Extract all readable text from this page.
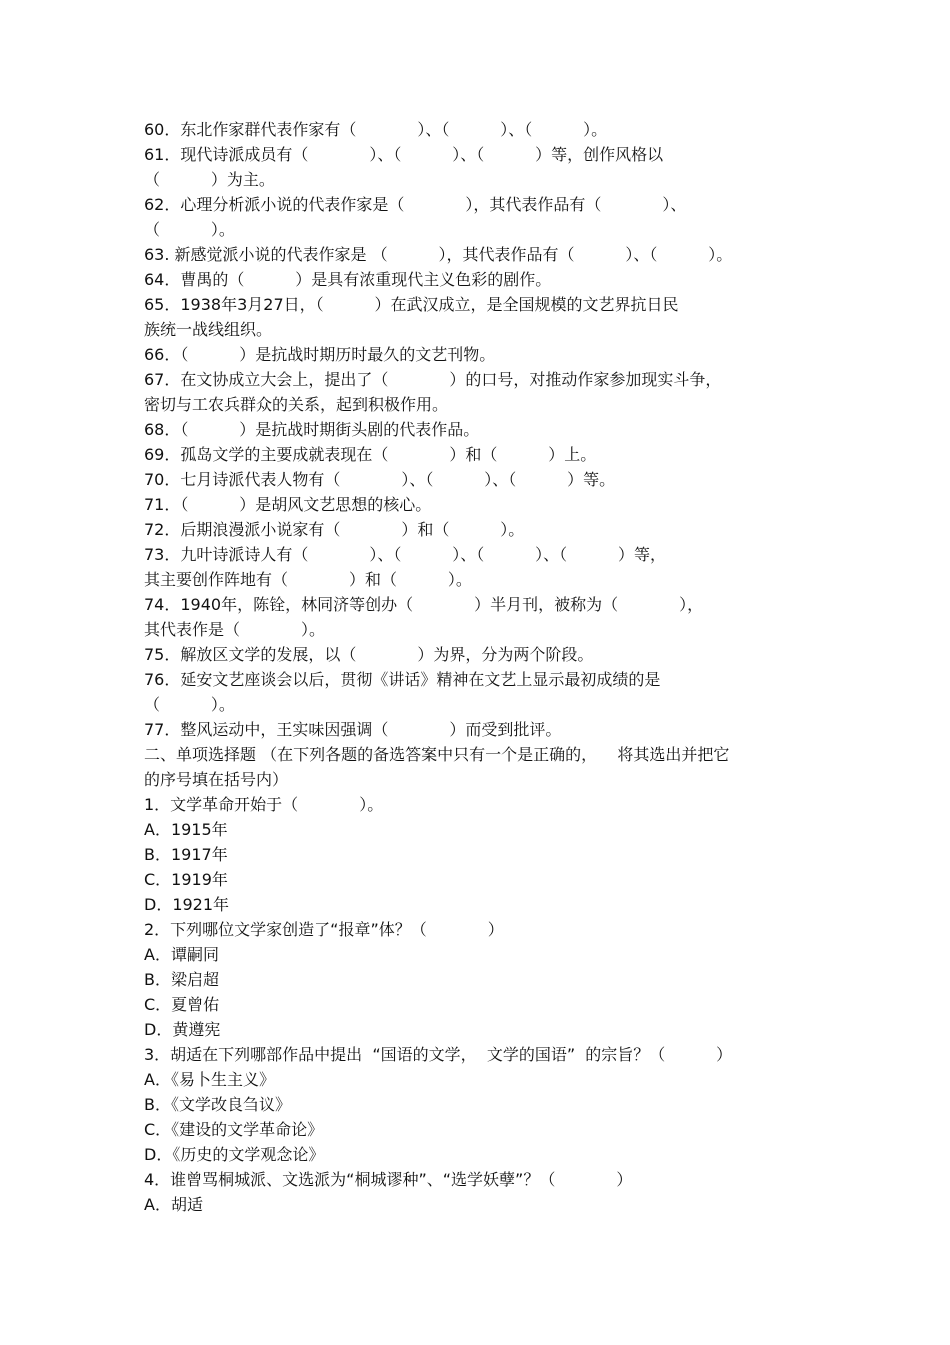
60．东北作家群代表作家有（            ）、（          ）、（          ）。
61．现代诗派成员有（            ）、（          ）、（          ）等，创作风格以
（          ）为主。
62．心理分析派小说的代表作家是（            ），其代表作品有（            ）、
（          ）。
63. 新感觉派小说的代表作家是 （          ），其代表作品有（          ）、（          ）。
64．曹禺的（          ）是具有浓重现代主义色彩的剧作。
65．1938年3月27日，（          ）在武汉成立，是全国规模的文艺界抗日民
族统一战线组织。
66．（          ）是抗战时期历时最久的文艺刊物。
67．在文协成立大会上，提出了（            ）的口号，对推动作家参加现实斗争，
密切与工农兵群众的关系，起到积极作用。
68．（          ）是抗战时期街头剧的代表作品。
69．孤岛文学的主要成就表现在（            ）和（          ）上。
70．七月诗派代表人物有（            ）、（          ）、（          ）等。
71．（          ）是胡风文艺思想的核心。
72．后期浪漫派小说家有（            ）和（          ）。
73．九叶诗派诗人有（            ）、（          ）、（          ）、（          ）等，
其主要创作阵地有（            ）和（          ）。
74．1940年，陈铨，林同济等创办（            ）半月刊，被称为（            ），
其代表作是（            ）。
75．解放区文学的发展，以（            ）为界，分为两个阶段。
76．延安文艺座谈会以后，贯彻《讲话》精神在文艺上显示最初成绩的是
（          ）。
77．整风运动中，王实味因强调（            ）而受到批评。
二、单项选择题 （在下列各题的备选答案中只有一个是正确的，    将其选出并把它
的序号填在括号内）
1．文学革命开始于（            ）。
A．1915年
B．1917年
C．1919年
D．1921年
2．下列哪位文学家创造了“报章”体？（            ）
A．谭嗣同
B．梁启超
C．夏曾佑
D．黄遵宪
3．胡适在下列哪部作品中提出  “国语的文学，  文学的国语”  的宗旨？（          ）
A．《易卜生主义》
B．《文学改良刍议》
C．《建设的文学革命论》
D．《历史的文学观念论》
4．谁曾骂桐城派、文选派为“桐城谬种”、“选学妖孽”？（            ）
A．胡适
